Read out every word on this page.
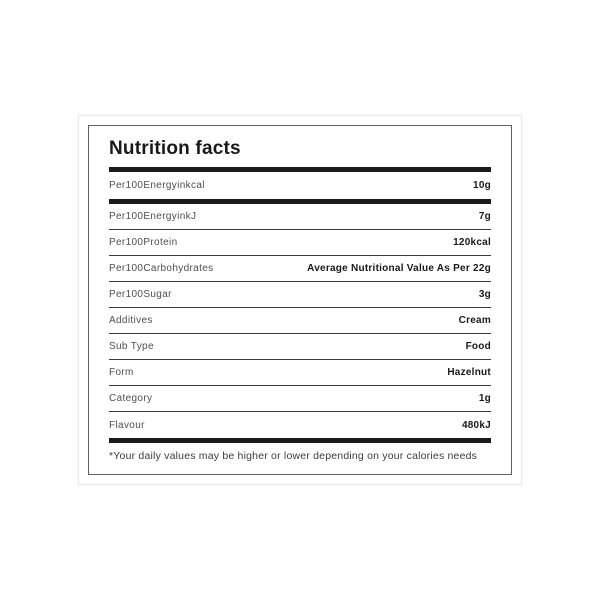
Nutrition facts
Per100Energyinkcal	10g
Per100EnergyinkJ	7g
Per100Protein	120kcal
Per100Carbohydrates	Average Nutritional Value As Per 22g
Per100Sugar	3g
Additives	Cream
Sub Type	Food
Form	Hazelnut
Category	1g
Flavour	480kJ
*Your daily values may be higher or lower depending on your calories needs
